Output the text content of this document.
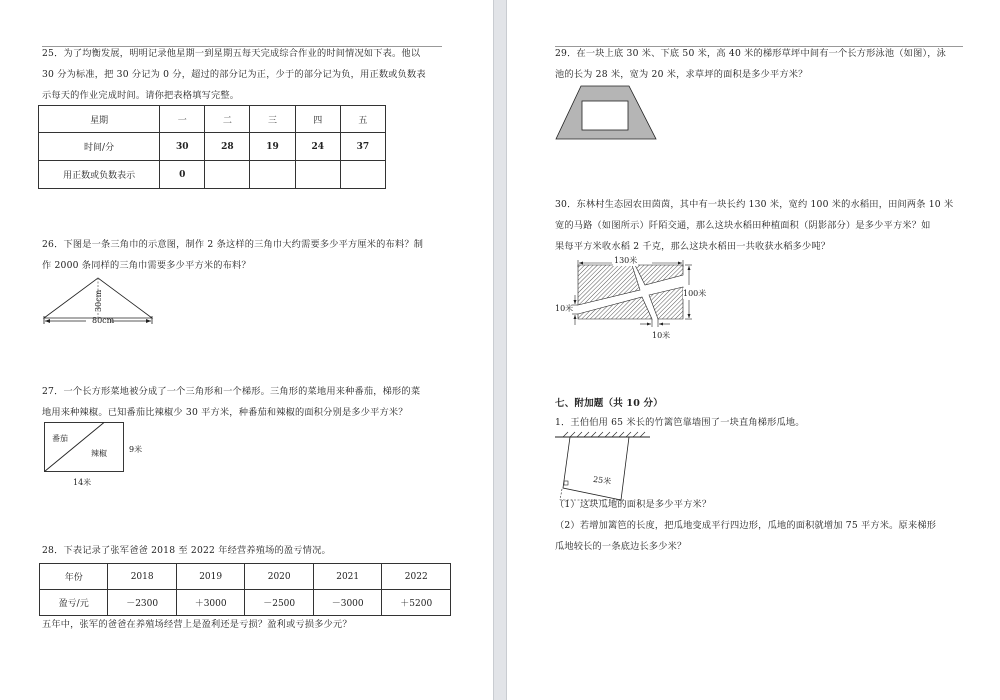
25．为了均衡发展，明明记录他星期一到星期五每天完成综合作业的时间情况如下表。他以

30 分为标准，把 30 分记为 0 分，超过的部分记为正，少于的部分记为负，用正数或负数表

示每天的作业完成时间。请你把表格填写完整。

星期	一	二	三	四	五
时间/分	30	28	19	24	37
用正数或负数表示	0				

26．下图是一条三角巾的示意图，制作 2 条这样的三角巾大约需要多少平方厘米的布料？制

作 2000 条同样的三角巾需要多少平方米的布料？

80cm
30cm

27．一个长方形菜地被分成了一个三角形和一个梯形。三角形的菜地用来种番茄，梯形的菜

地用来种辣椒。已知番茄比辣椒少 30 平方米，种番茄和辣椒的面积分别是多少平方米？

番茄
辣椒	9米
14米

28．下表记录了张军爸爸 2018 至 2022 年经营养殖场的盈亏情况。

年份	2018	2019	2020	2021	2022
盈亏/元	－2300	＋3000	－2500	－3000	＋5200

五年中，张军的爸爸在养殖场经营上是盈利还是亏损？盈利或亏损多少元？

29．在一块上底 30 米、下底 50 米，高 40 米的梯形草坪中间有一个长方形泳池（如图），泳

池的长为 28 米，宽为 20 米，求草坪的面积是多少平方米？

30．东林村生态园农田茵茵，其中有一块长约 130 米，宽约 100 米的水稻田，田间两条 10 米

宽的马路（如图所示）阡陌交通，那么这块水稻田种植面积（阴影部分）是多少平方米？如

果每平方米收水稻 2 千克，那么这块水稻田一共收获水稻多少吨？

130米
100米
10米
10米
七、附加题（共 10 分）

1．王伯伯用 65 米长的竹篱笆靠墙围了一块直角梯形瓜地。

25米

（1）这块瓜地的面积是多少平方米？

（2）若增加篱笆的长度，把瓜地变成平行四边形，瓜地的面积就增加 75 平方米。原来梯形

瓜地较长的一条底边长多少米？
